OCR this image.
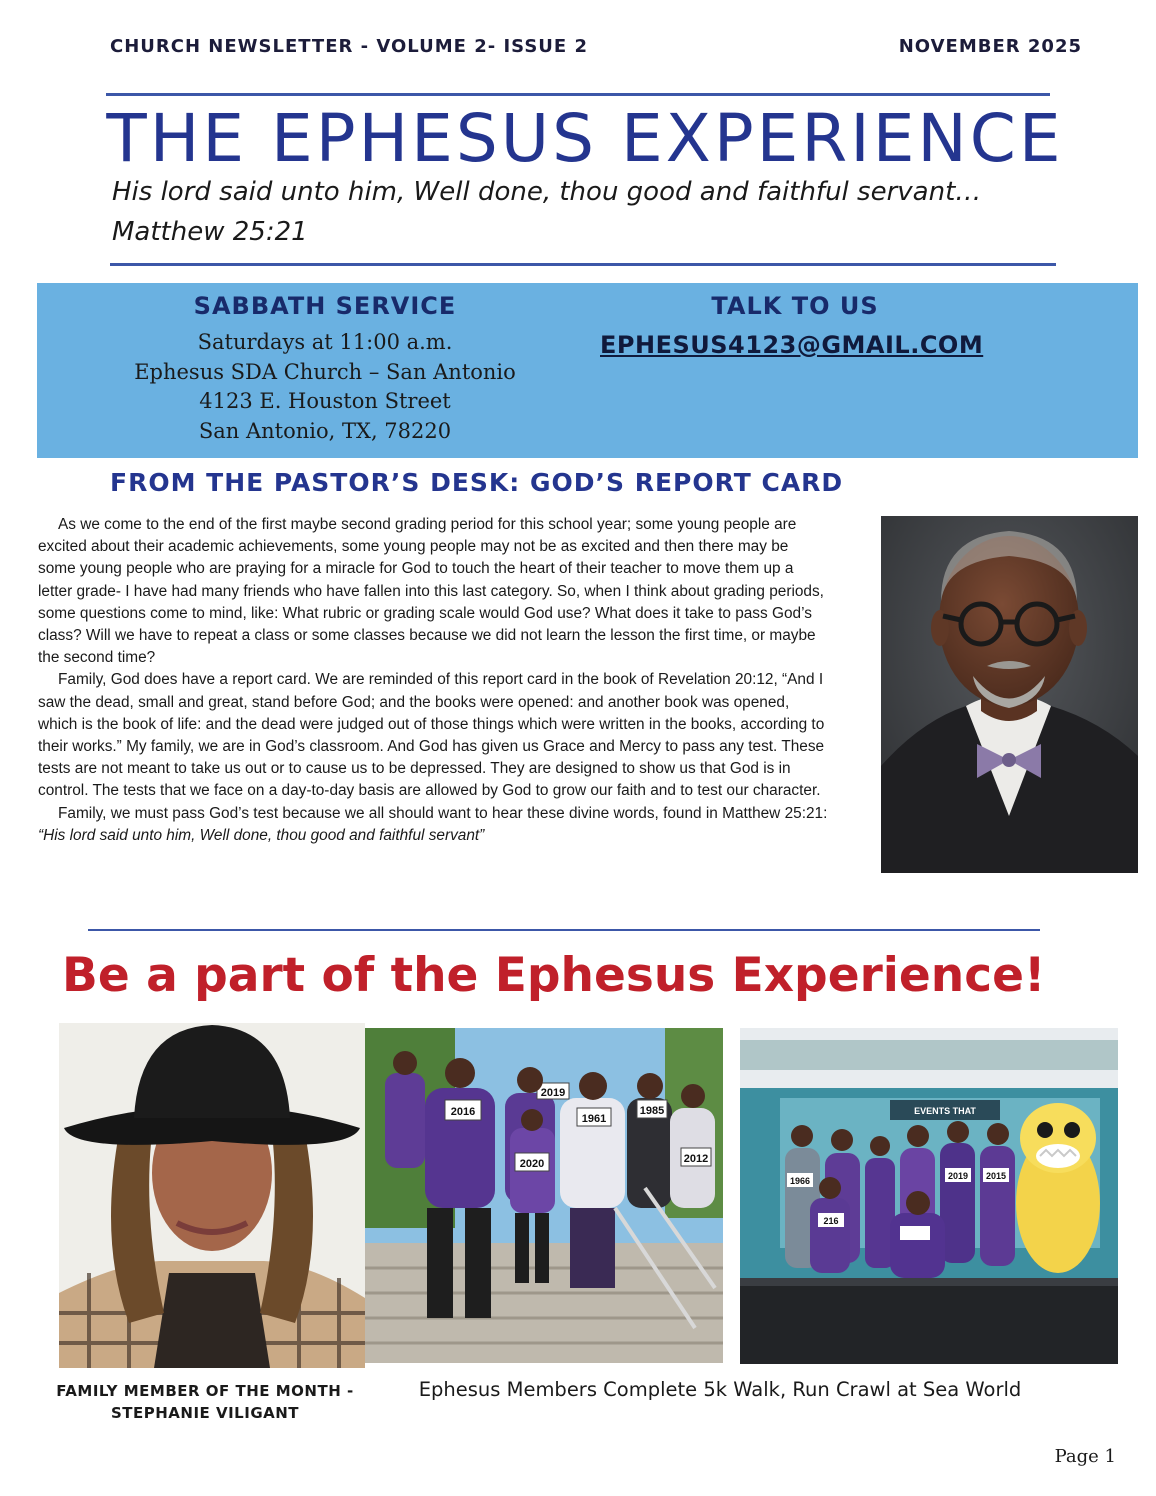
CHURCH NEWSLETTER - VOLUME 2- ISSUE 2	NOVEMBER 2025
THE EPHESUS EXPERIENCE
His lord said unto him, Well done, thou good and faithful servant…
Matthew 25:21
SABBATH SERVICE
Saturdays at 11:00 a.m.
Ephesus SDA Church – San Antonio
4123 E. Houston Street
San Antonio, TX, 78220
TALK TO US
EPHESUS4123@GMAIL.COM
FROM THE PASTOR’S DESK: GOD’S REPORT CARD

As we come to the end of the first maybe second grading period for this school year; some young people are excited about their academic achievements, some young people may not be as excited and then there may be some young people who are praying for a miracle for God to touch the heart of their teacher to move them up a letter grade- I have had many friends who have fallen into this last category. So, when I think about grading periods, some questions come to mind, like: What rubric or grading scale would God use? What does it take to pass God’s class? Will we have to repeat a class or some classes because we did not learn the lesson the first time, or maybe the second time?

Family, God does have a report card. We are reminded of this report card in the book of Revelation 20:12, “And I saw the dead, small and great, stand before God; and the books were opened: and another book was opened, which is the book of life: and the dead were judged out of those things which were written in the books, according to their works.” My family, we are in God’s classroom. And God has given us Grace and Mercy to pass any test. These tests are not meant to take us out or to cause us to be depressed. They are designed to show us that God is in control. The tests that we face on a day-to-day basis are allowed by God to grow our faith and to test our character.

Family, we must pass God’s test because we all should want to hear these divine words, found in Matthew 25:21: “His lord said unto him, Well done, thou good and faithful servant”

Be a part of the Ephesus Experience!
2016
2019
1961
1985
2020	2012
EVENTS THAT
1966	2019 2015
216
FAMILY MEMBER OF THE MONTH -
STEPHANIE VILIGANT
Ephesus Members Complete 5k Walk, Run Crawl at Sea World
Page 1
